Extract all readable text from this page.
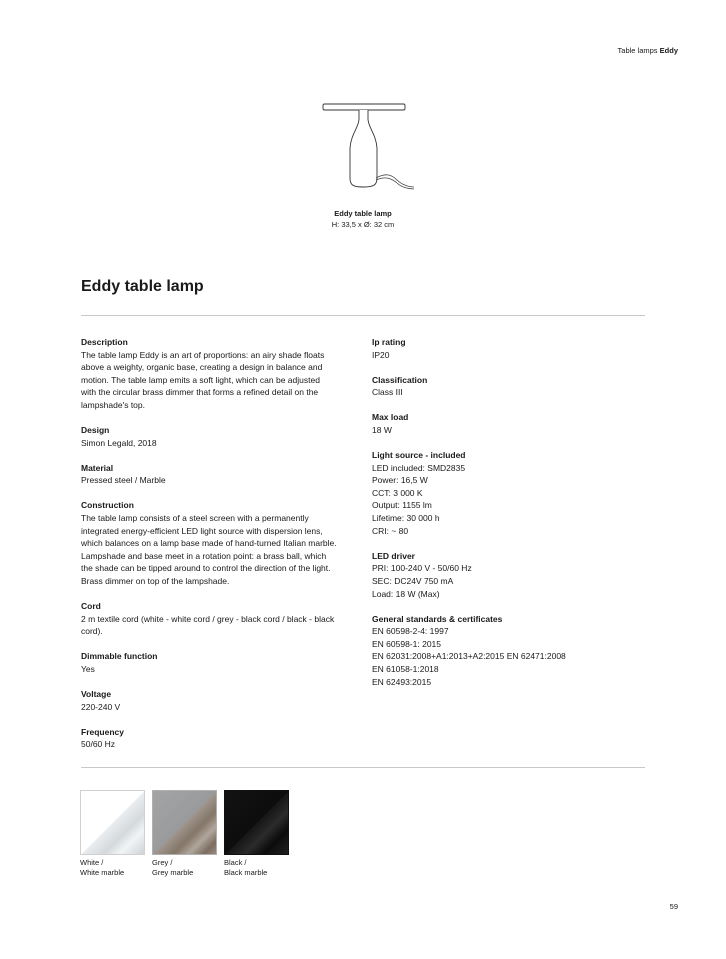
Table lamps Eddy
Eddy table lamp
H: 33,5 x Ø: 32 cm
Eddy table lamp
Description
The table lamp Eddy is an art of proportions: an airy shade floats
above a weighty, organic base, creating a design in balance and
motion. The table lamp emits a soft light, which can be adjusted
with the circular brass dimmer that forms a refined detail on the
lampshade's top.
Design
Simon Legald, 2018
Material
Pressed steel / Marble
Construction
The table lamp consists of a steel screen with a permanently
integrated energy-efficient LED light source with dispersion lens,
which balances on a lamp base made of hand-turned Italian marble.
Lampshade and base meet in a rotation point: a brass ball, which
the shade can be tipped around to control the direction of the light.
Brass dimmer on top of the lampshade.
Cord
2 m textile cord (white - white cord / grey - black cord / black - black
cord).
Dimmable function
Yes
Voltage
220-240 V
Frequency
50/60 Hz
Ip rating
IP20
Classification
Class III
Max load
18 W
Light source - included
LED included: SMD2835
Power: 16,5 W
CCT: 3 000 K
Output: 1155 lm
Lifetime: 30 000 h
CRI: ~ 80
LED driver
PRI: 100-240 V - 50/60 Hz
SEC: DC24V 750 mA
Load: 18 W (Max)
General standards & certificates
EN 60598-2-4: 1997
EN 60598-1: 2015
EN 62031:2008+A1:2013+A2:2015 EN 62471:2008
EN 61058-1:2018
EN 62493:2015
White /
White marble
Grey /
Grey marble
Black /
Black marble
59
